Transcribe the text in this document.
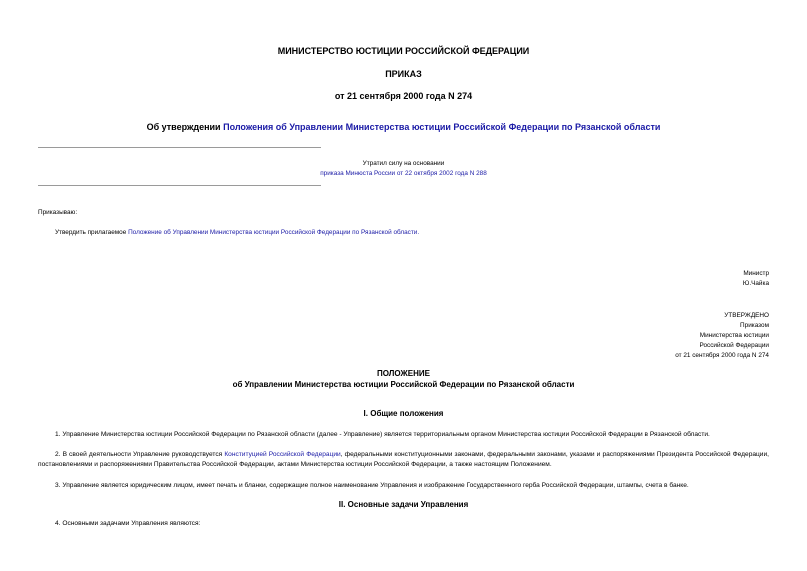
МИНИСТЕРСТВО ЮСТИЦИИ РОССИЙСКОЙ ФЕДЕРАЦИИ
ПРИКАЗ
от 21 сентября 2000 года N 274
Об утверждении Положения об Управлении Министерства юстиции Российской Федерации по Рязанской области
Утратил силу на основании
приказа Минюста России от 22 октября 2002 года N 288
Приказываю:
Утвердить прилагаемое Положение об Управлении Министерства юстиции Российской Федерации по Рязанской области.
Министр
Ю.Чайка
УТВЕРЖДЕНО
Приказом
Министерства юстиции
Российской Федерации
от 21 сентября 2000 года N 274
ПОЛОЖЕНИЕ
об Управлении Министерства юстиции Российской Федерации по Рязанской области
I. Общие положения
1. Управление Министерства юстиции Российской Федерации по Рязанской области (далее - Управление) является территориальным органом Министерства юстиции Российской Федерации в Рязанской области.
2. В своей деятельности Управление руководствуется Конституцией Российской Федерации, федеральными конституционными законами, федеральными законами, указами и распоряжениями Президента Российской Федерации, постановлениями и распоряжениями Правительства Российской Федерации, актами Министерства юстиции Российской Федерации, а также настоящим Положением.
3. Управление является юридическим лицом, имеет печать и бланки, содержащие полное наименование Управления и изображение Государственного герба Российской Федерации, штампы, счета в банке.
II. Основные задачи Управления
4. Основными задачами Управления являются:
